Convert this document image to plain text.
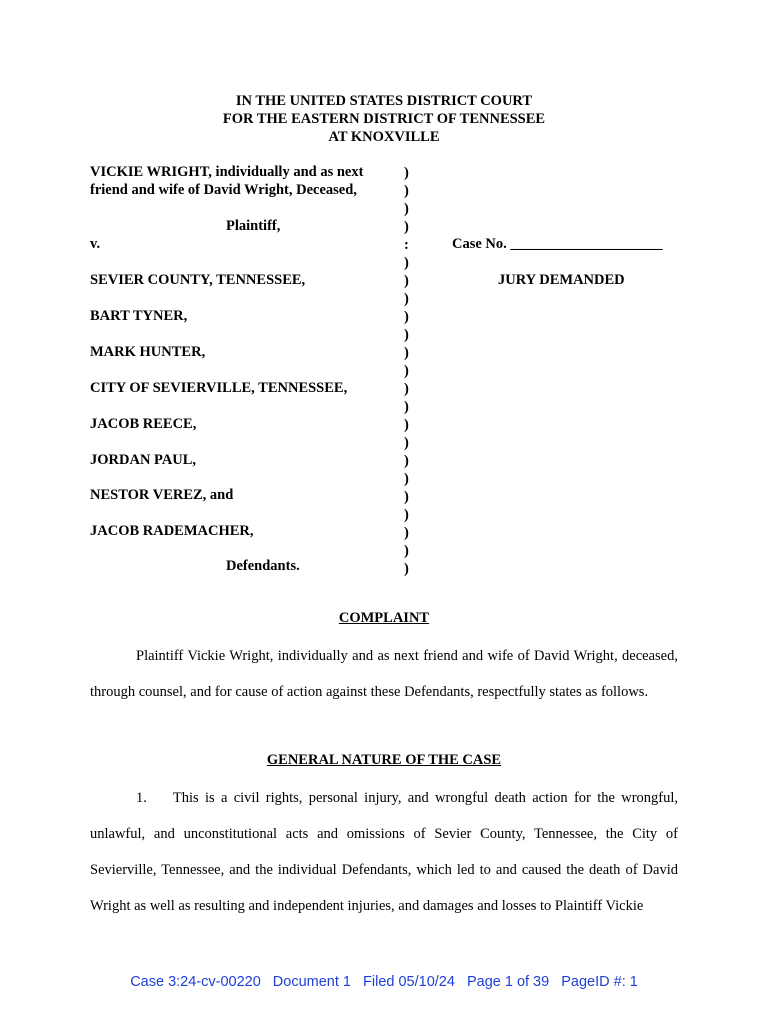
IN THE UNITED STATES DISTRICT COURT
FOR THE EASTERN DISTRICT OF TENNESSEE
AT KNOXVILLE
VICKIE WRIGHT, individually and as next
friend and wife of David Wright, Deceased,
Plaintiff,
v.
SEVIER COUNTY, TENNESSEE,
BART TYNER,
MARK HUNTER,
CITY OF SEVIERVILLE, TENNESSEE,
JACOB REECE,
JORDAN PAUL,
NESTOR VEREZ, and
JACOB RADEMACHER,
Defendants.
)
)
)
)
:
)
)
)
)
)
)
)
)
)
)
)
)
)
)
)
)
)
)
Case No. _____________________
JURY DEMANDED
COMPLAINT
Plaintiff Vickie Wright, individually and as next friend and wife of David Wright, deceased, through counsel, and for cause of action against these Defendants, respectfully states as follows.
GENERAL NATURE OF THE CASE
1. This is a civil rights, personal injury, and wrongful death action for the wrongful, unlawful, and unconstitutional acts and omissions of Sevier County, Tennessee, the City of Sevierville, Tennessee, and the individual Defendants, which led to and caused the death of David Wright as well as resulting and independent injuries, and damages and losses to Plaintiff Vickie
Case 3:24-cv-00220 Document 1 Filed 05/10/24 Page 1 of 39 PageID #: 1
